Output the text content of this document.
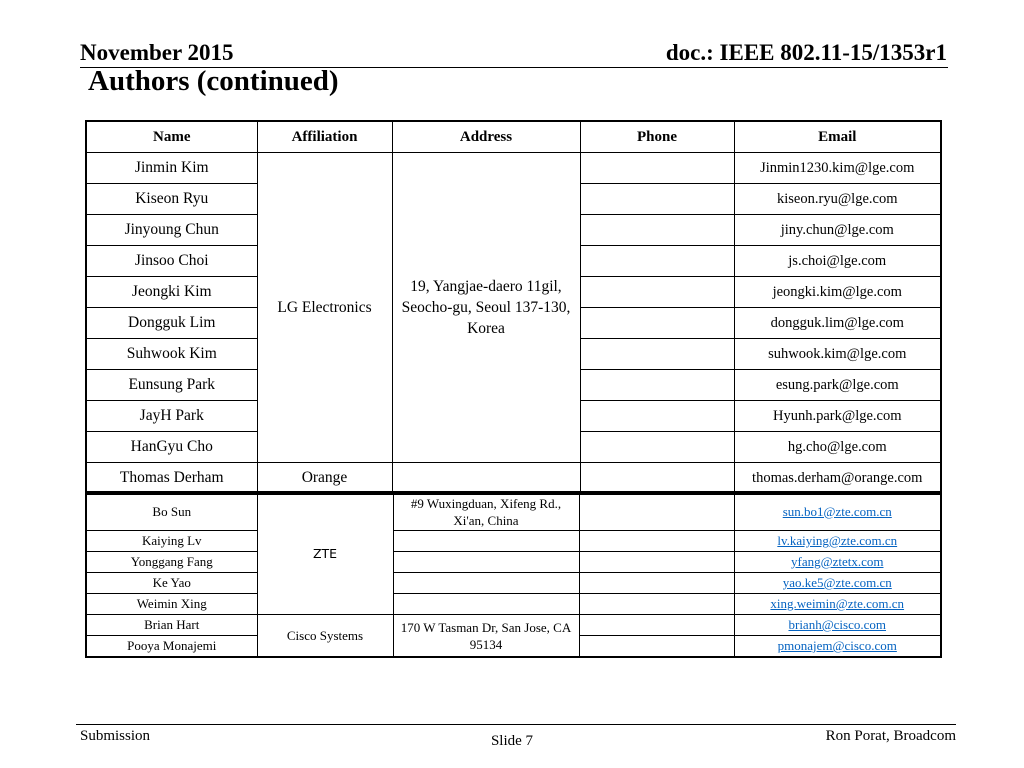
November 2015	doc.: IEEE 802.11-15/1353r1
Authors (continued)
Name	Affiliation	Address	Phone	Email
Jinmin Kim	LG Electronics	19, Yangjae-daero 11gil, Seocho-gu, Seoul 137-130, Korea		Jinmin1230.kim@lge.com
Kiseon Ryu				kiseon.ryu@lge.com
Jinyoung Chun				jiny.chun@lge.com
Jinsoo Choi				js.choi@lge.com
Jeongki Kim				jeongki.kim@lge.com
Dongguk Lim				dongguk.lim@lge.com
Suhwook Kim				suhwook.kim@lge.com
Eunsung Park				esung.park@lge.com
JayH Park				Hyunh.park@lge.com
HanGyu Cho				hg.cho@lge.com
Thomas Derham	Orange			thomas.derham@orange.com
Bo Sun	ZTE	#9 Wuxingduan, Xifeng Rd., Xi'an, China		sun.bo1@zte.com.cn
Kaiying Lv				lv.kaiying@zte.com.cn
Yonggang Fang				yfang@ztetx.com
Ke Yao				yao.ke5@zte.com.cn
Weimin Xing				xing.weimin@zte.com.cn
Brian Hart	Cisco Systems	170 W Tasman Dr, San Jose, CA 95134		brianh@cisco.com
Pooya Monajemi				pmonajem@cisco.com
Submission	Slide 7	Ron Porat, Broadcom
